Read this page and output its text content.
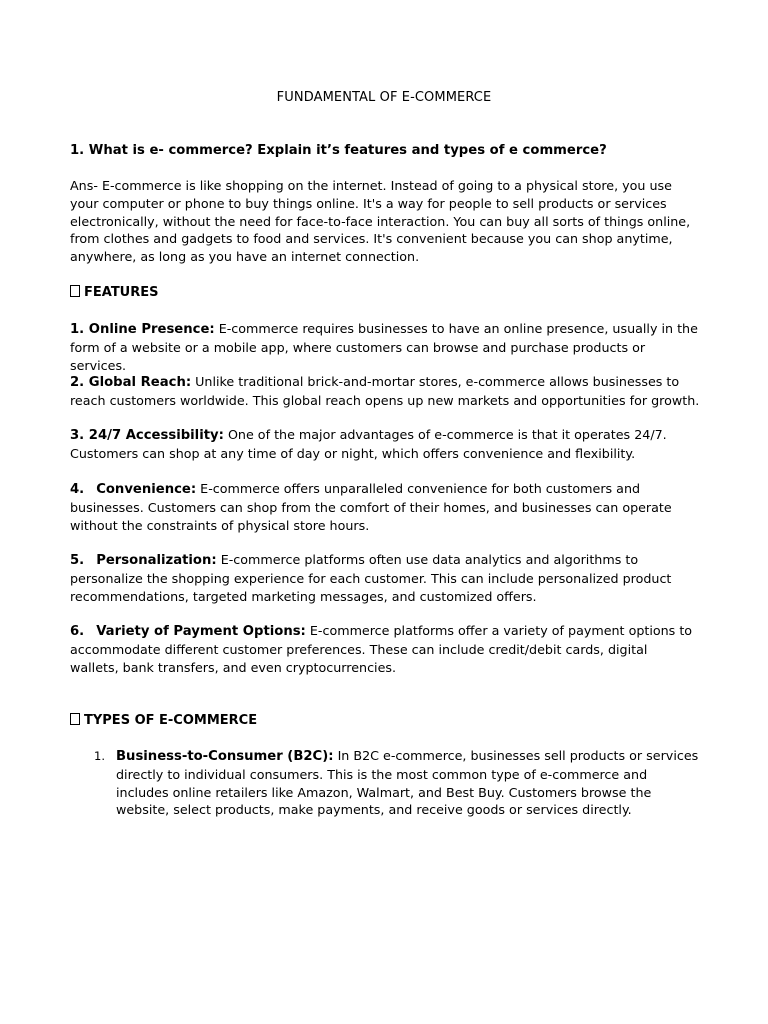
FUNDAMENTAL OF E-COMMERCE
1. What is e- commerce? Explain it’s features and types of e commerce?
Ans- E-commerce is like shopping on the internet. Instead of going to a physical store, you use your computer or phone to buy things online. It's a way for people to sell products or services electronically, without the need for face-to-face interaction. You can buy all sorts of things online, from clothes and gadgets to food and services. It's convenient because you can shop anytime, anywhere, as long as you have an internet connection.
FEATURES
1. Online Presence: E-commerce requires businesses to have an online presence, usually in the form of a website or a mobile app, where customers can browse and purchase products or services.
2. Global Reach: Unlike traditional brick-and-mortar stores, e-commerce allows businesses to reach customers worldwide. This global reach opens up new markets and opportunities for growth.
3. 24/7 Accessibility: One of the major advantages of e-commerce is that it operates 24/7. Customers can shop at any time of day or night, which offers convenience and flexibility.
4. Convenience: E-commerce offers unparalleled convenience for both customers and businesses. Customers can shop from the comfort of their homes, and businesses can operate without the constraints of physical store hours.
5. Personalization: E-commerce platforms often use data analytics and algorithms to personalize the shopping experience for each customer. This can include personalized product recommendations, targeted marketing messages, and customized offers.
6. Variety of Payment Options: E-commerce platforms offer a variety of payment options to accommodate different customer preferences. These can include credit/debit cards, digital wallets, bank transfers, and even cryptocurrencies.
TYPES OF E-COMMERCE
1. Business-to-Consumer (B2C): In B2C e-commerce, businesses sell products or services directly to individual consumers. This is the most common type of e-commerce and includes online retailers like Amazon, Walmart, and Best Buy. Customers browse the website, select products, make payments, and receive goods or services directly.
